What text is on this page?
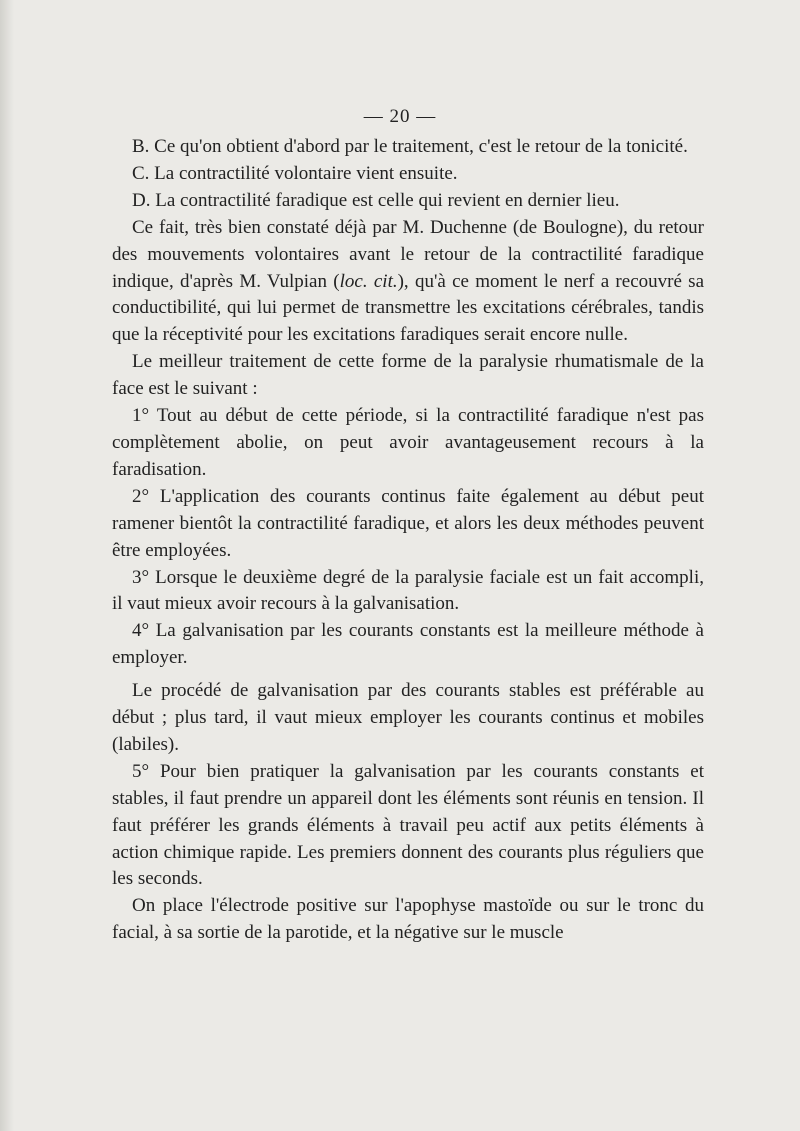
— 20 —

B. Ce qu'on obtient d'abord par le traitement, c'est le retour de la tonicité.

C. La contractilité volontaire vient ensuite.

D. La contractilité faradique est celle qui revient en dernier lieu.

Ce fait, très bien constaté déjà par M. Duchenne (de Boulogne), du retour des mouvements volontaires avant le retour de la contractilité faradique indique, d'après M. Vulpian (loc. cit.), qu'à ce moment le nerf a recouvré sa conductibilité, qui lui permet de transmettre les excitations cérébrales, tandis que la réceptivité pour les excitations faradiques serait encore nulle.

Le meilleur traitement de cette forme de la paralysie rhumatismale de la face est le suivant :

1° Tout au début de cette période, si la contractilité faradique n'est pas complètement abolie, on peut avoir avantageusement recours à la faradisation.

2° L'application des courants continus faite également au début peut ramener bientôt la contractilité faradique, et alors les deux méthodes peuvent être employées.

3° Lorsque le deuxième degré de la paralysie faciale est un fait accompli, il vaut mieux avoir recours à la galvanisation.

4° La galvanisation par les courants constants est la meilleure méthode à employer.

Le procédé de galvanisation par des courants stables est préférable au début ; plus tard, il vaut mieux employer les courants continus et mobiles (labiles).

5° Pour bien pratiquer la galvanisation par les courants constants et stables, il faut prendre un appareil dont les éléments sont réunis en tension. Il faut préférer les grands éléments à travail peu actif aux petits éléments à action chimique rapide. Les premiers donnent des courants plus réguliers que les seconds.

On place l'électrode positive sur l'apophyse mastoïde ou sur le tronc du facial, à sa sortie de la parotide, et la négative sur le muscle
